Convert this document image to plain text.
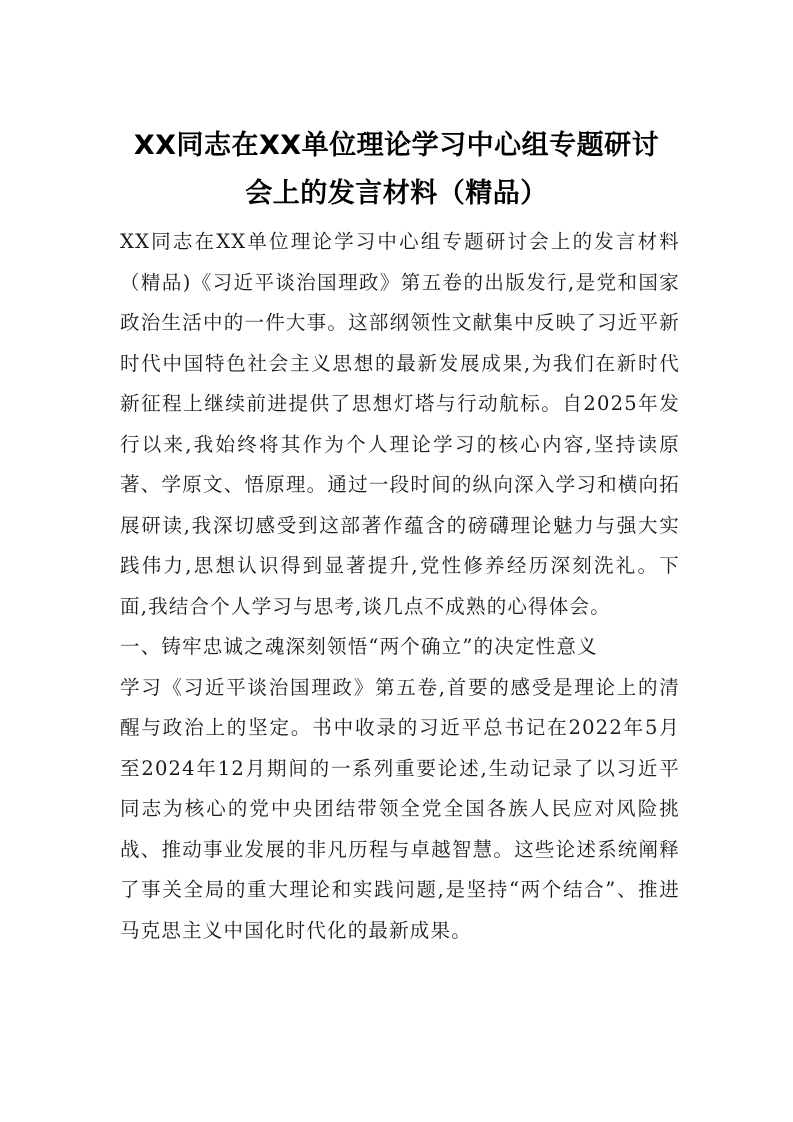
XX同志在XX单位理论学习中心组专题研讨
会上的发言材料（精品）

XX同志在XX单位理论学习中心组专题研讨会上的发言材料（精品)《习近平谈治国理政》第五卷的出版发行,是党和国家政治生活中的一件大事。这部纲领性文献集中反映了习近平新时代中国特色社会主义思想的最新发展成果,为我们在新时代新征程上继续前进提供了思想灯塔与行动航标。自2025年发行以来,我始终将其作为个人理论学习的核心内容,坚持读原著、学原文、悟原理。通过一段时间的纵向深入学习和横向拓展研读,我深切感受到这部著作蕴含的磅礴理论魅力与强大实践伟力,思想认识得到显著提升,党性修养经历深刻洗礼。下面,我结合个人学习与思考,谈几点不成熟的心得体会。

一、铸牢忠诚之魂深刻领悟“两个确立”的决定性意义

学习《习近平谈治国理政》第五卷,首要的感受是理论上的清醒与政治上的坚定。书中收录的习近平总书记在2022年5月至2024年12月期间的一系列重要论述,生动记录了以习近平同志为核心的党中央团结带领全党全国各族人民应对风险挑战、推动事业发展的非凡历程与卓越智慧。这些论述系统阐释了事关全局的重大理论和实践问题,是坚持“两个结合”、推进马克思主义中国化时代化的最新成果。
